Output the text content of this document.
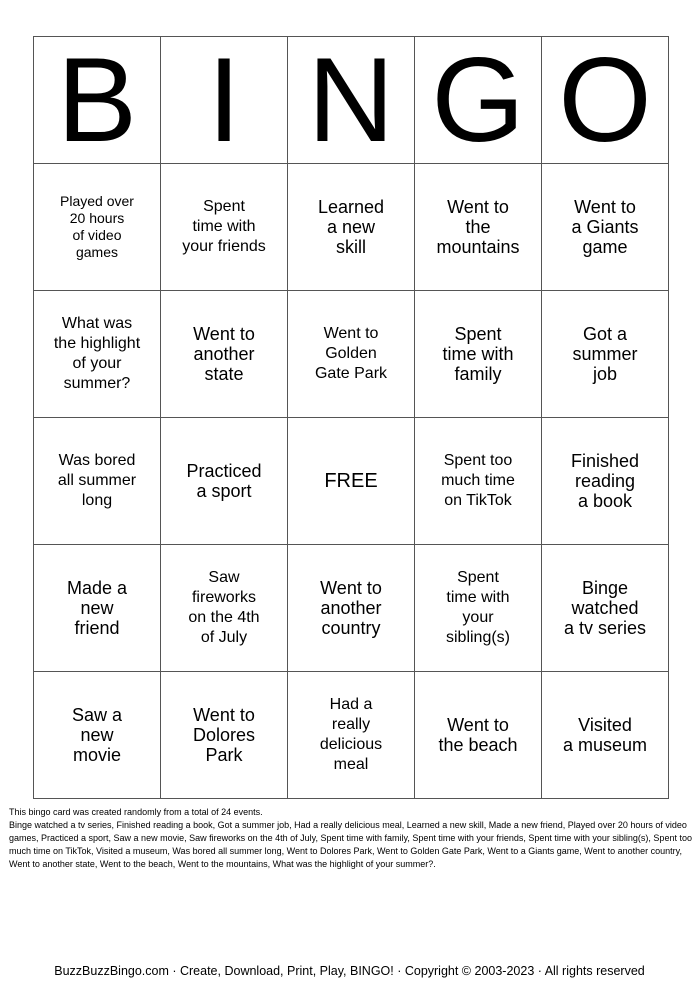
B	I	N	G	O

Played over
20 hours
of video
games	Spent
time with
your friends	Learned
a new
skill	Went to
the
mountains	Went to
a Giants
game

What was
the highlight
of your
summer?	Went to
another
state	Went to
Golden
Gate Park	Spent
time with
family	Got a
summer
job

Was bored
all summer
long	Practiced
a sport	FREE	Spent too
much time
on TikTok	Finished
reading
a book

Made a
new
friend	Saw
fireworks
on the 4th
of July	Went to
another
country	Spent
time with
your
sibling(s)	Binge
watched
a tv series

Saw a
new
movie	Went to
Dolores
Park	Had a
really
delicious
meal	Went to
the beach	Visited
a museum

This bingo card was created randomly from a total of 24 events.

Binge watched a tv series, Finished reading a book, Got a summer job, Had a really delicious meal, Learned a new skill, Made a new friend, Played over 20 hours of video games, Practiced a sport, Saw a new movie, Saw fireworks on the 4th of July, Spent time with family, Spent time with your friends, Spent time with your sibling(s), Spent too much time on TikTok, Visited a museum, Was bored all summer long, Went to Dolores Park, Went to Golden Gate Park, Went to a Giants game, Went to another country, Went to another state, Went to the beach, Went to the mountains, What was the highlight of your summer?.

BuzzBuzzBingo.com · Create, Download, Print, Play, BINGO! · Copyright © 2003-2023 · All rights reserved
